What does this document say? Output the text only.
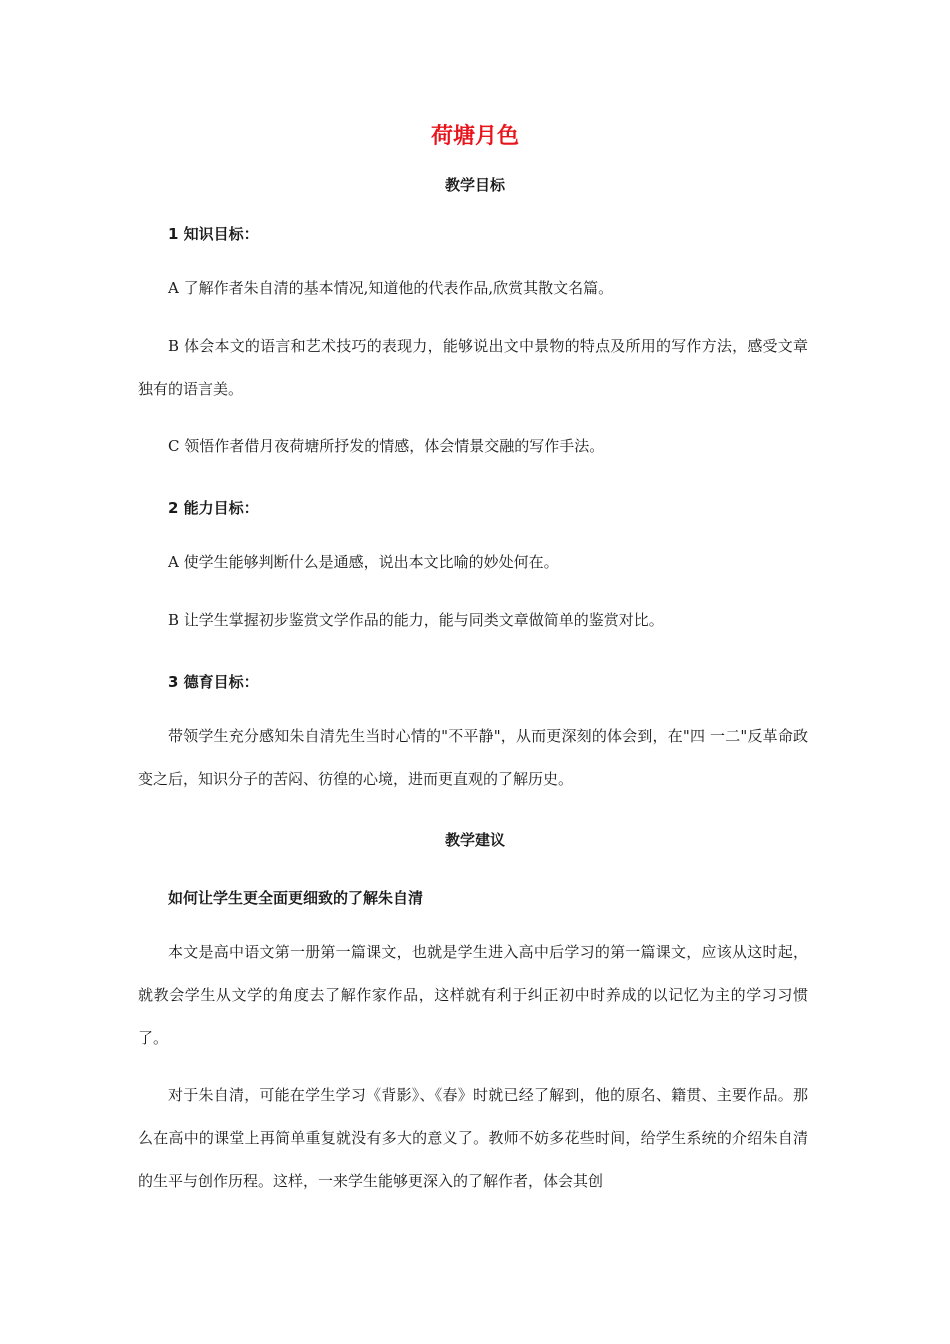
荷塘月色
教学目标
1 知识目标：
A 了解作者朱自清的基本情况,知道他的代表作品,欣赏其散文名篇。
B 体会本文的语言和艺术技巧的表现力，能够说出文中景物的特点及所用的写作方法，感受文章独有的语言美。
C 领悟作者借月夜荷塘所抒发的情感，体会情景交融的写作手法。
2 能力目标：
A 使学生能够判断什么是通感，说出本文比喻的妙处何在。
B 让学生掌握初步鉴赏文学作品的能力，能与同类文章做简单的鉴赏对比。
3 德育目标：
带领学生充分感知朱自清先生当时心情的"不平静"，从而更深刻的体会到，在"四 一二"反革命政变之后，知识分子的苦闷、彷徨的心境，进而更直观的了解历史。
教学建议
如何让学生更全面更细致的了解朱自清
本文是高中语文第一册第一篇课文，也就是学生进入高中后学习的第一篇课文，应该从这时起，就教会学生从文学的角度去了解作家作品，这样就有利于纠正初中时养成的以记忆为主的学习习惯了。
对于朱自清，可能在学生学习《背影》、《春》时就已经了解到，他的原名、籍贯、主要作品。那么在高中的课堂上再简单重复就没有多大的意义了。教师不妨多花些时间，给学生系统的介绍朱自清的生平与创作历程。这样，一来学生能够更深入的了解作者，体会其创
